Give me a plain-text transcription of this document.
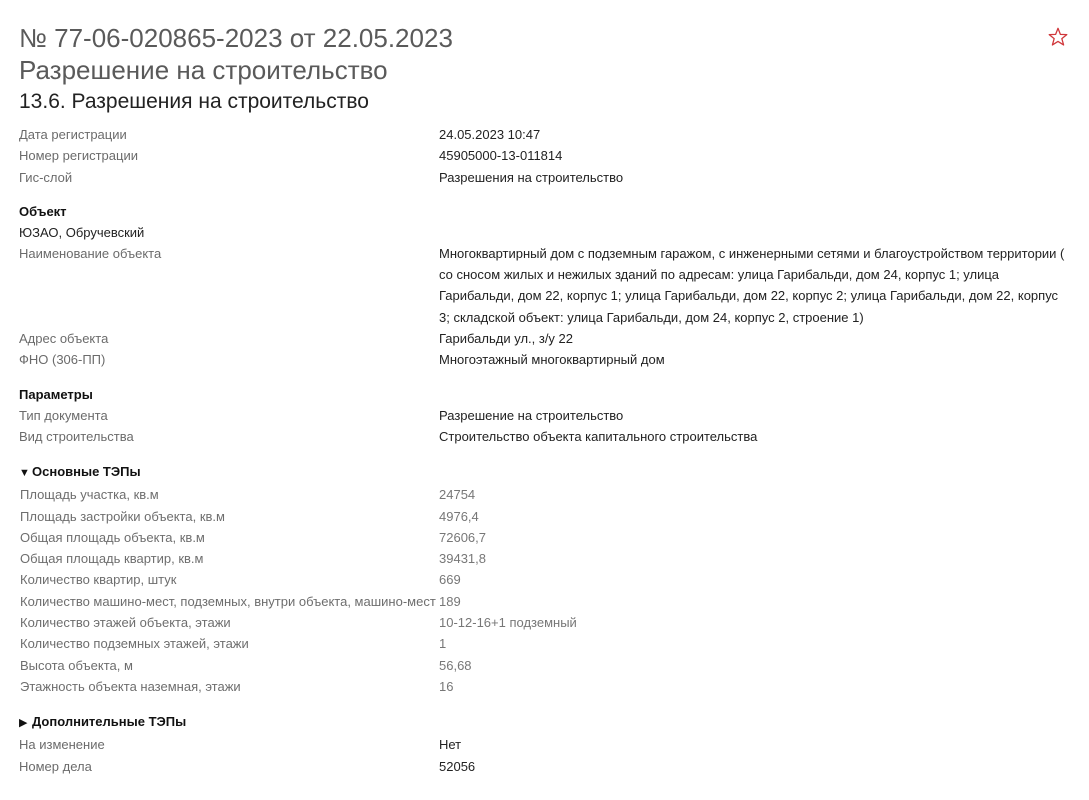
№ 77-06-020865-2023 от 22.05.2023
Разрешение на строительство
13.6. Разрешения на строительство
Дата регистрации	24.05.2023 10:47
Номер регистрации	45905000-13-011814
Гис-слой	Разрешения на строительство
Объект
ЮЗАО, Обручевский
Наименование объекта	Многоквартирный дом с подземным гаражом, с инженерными сетями и благоустройством территории ( со сносом жилых и нежилых зданий по адресам: улица Гарибальди, дом 24, корпус 1; улица Гарибальди, дом 22, корпус 1; улица Гарибальди, дом 22, корпус 2; улица Гарибальди, дом 22, корпус 3; складской объект: улица Гарибальди, дом 24, корпус 2, строение 1)
Адрес объекта	Гарибальди ул., з/у 22
ФНО (306-ПП)	Многоэтажный многоквартирный дом
Параметры
Тип документа	Разрешение на строительство
Вид строительства	Строительство объекта капитального строительства
▼ Основные ТЭПы
Площадь участка, кв.м	24754
Площадь застройки объекта, кв.м	4976,4
Общая площадь объекта, кв.м	72606,7
Общая площадь квартир, кв.м	39431,8
Количество квартир, штук	669
Количество машино-мест, подземных, внутри объекта, машино-мест 189
Количество этажей объекта, этажи	10-12-16+1 подземный
Количество подземных этажей, этажи	1
Высота объекта, м	56,68
Этажность объекта наземная, этажи	16
▶ Дополнительные ТЭПы
На изменение	Нет
Номер дела	52056
